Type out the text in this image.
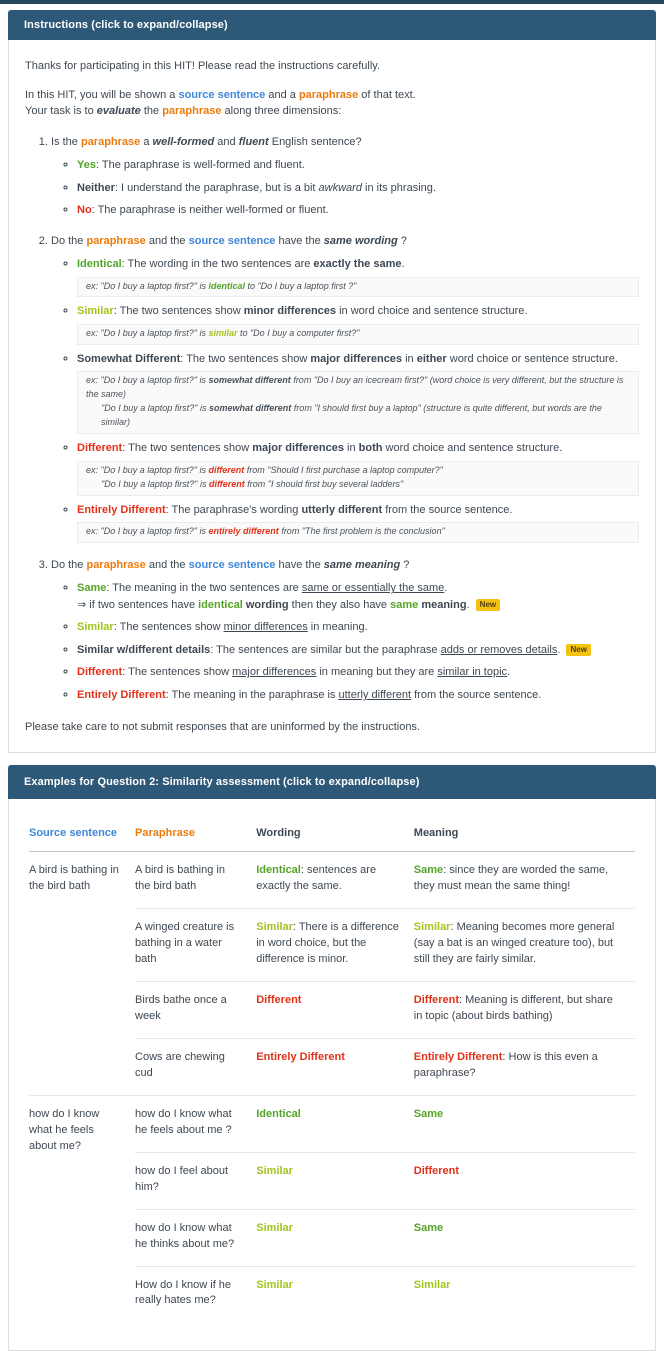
Instructions (click to expand/collapse)

Thanks for participating in this HIT! Please read the instructions carefully.

In this HIT, you will be shown a source sentence and a paraphrase of that text.
Your task is to evaluate the paraphrase along three dimensions:
1. Is the paraphrase a well-formed and fluent English sentence?
◦ Yes: The paraphrase is well-formed and fluent.
◦ Neither: I understand the paraphrase, but is a bit awkward in its phrasing.
◦ No: The paraphrase is neither well-formed or fluent.
2. Do the paraphrase and the source sentence have the same wording ?
◦ Identical: The wording in the two sentences are exactly the same.
ex: "Do I buy a laptop first?" is identical to "Do I buy a laptop first ?"
◦ Similar: The two sentences show minor differences in word choice and sentence structure.
ex: "Do I buy a laptop first?" is similar to "Do I buy a computer first?"
◦ Somewhat Different: The two sentences show major differences in either word choice or sentence structure.
ex: "Do I buy a laptop first?" is somewhat different from "Do I buy an icecream first?" (word choice is very different, but the structure is the same)
"Do I buy a laptop first?" is somewhat different from "I should first buy a laptop" (structure is quite different, but words are the similar)
◦ Different: The two sentences show major differences in both word choice and sentence structure.
ex: "Do I buy a laptop first?" is different from "Should I first purchase a laptop computer?"
"Do I buy a laptop first?" is different from "I should first buy several ladders"
◦ Entirely Different: The paraphrase's wording utterly different from the source sentence.
ex: "Do I buy a laptop first?" is entirely different from "The first problem is the conclusion"
3. Do the paraphrase and the source sentence have the same meaning ?
◦ Same: The meaning in the two sentences are same or essentially the same.
⇒ if two sentences have identical wording then they also have same meaning. New
◦ Similar: The sentences show minor differences in meaning.
◦ Similar w/different details: The sentences are similar but the paraphrase adds or removes details. New
◦ Different: The sentences show major differences in meaning but they are similar in topic.
◦ Entirely Different: The meaning in the paraphrase is utterly different from the source sentence.

Please take care to not submit responses that are uninformed by the instructions.

Examples for Question 2: Similarity assessment (click to expand/collapse)
Source sentence	Paraphrase	Wording	Meaning
A bird is bathing in the bird bath	A bird is bathing in the bird bath	Identical: sentences are exactly the same.	Same: since they are worded the same, they must mean the same thing!
	A winged creature is bathing in a water bath	Similar: There is a difference in word choice, but the difference is minor.	Similar: Meaning becomes more general (say a bat is an winged creature too), but still they are fairly similar.
	Birds bathe once a week	Different	Different: Meaning is different, but share in topic (about birds bathing)
	Cows are chewing cud	Entirely Different	Entirely Different: How is this even a paraphrase?
how do I know what he feels about me?	how do I know what he feels about me ?	Identical	Same
	how do I feel about him?	Similar	Different
	how do I know what he thinks about me?	Similar	Same
	How do I know if he really hates me?	Similar	Similar
